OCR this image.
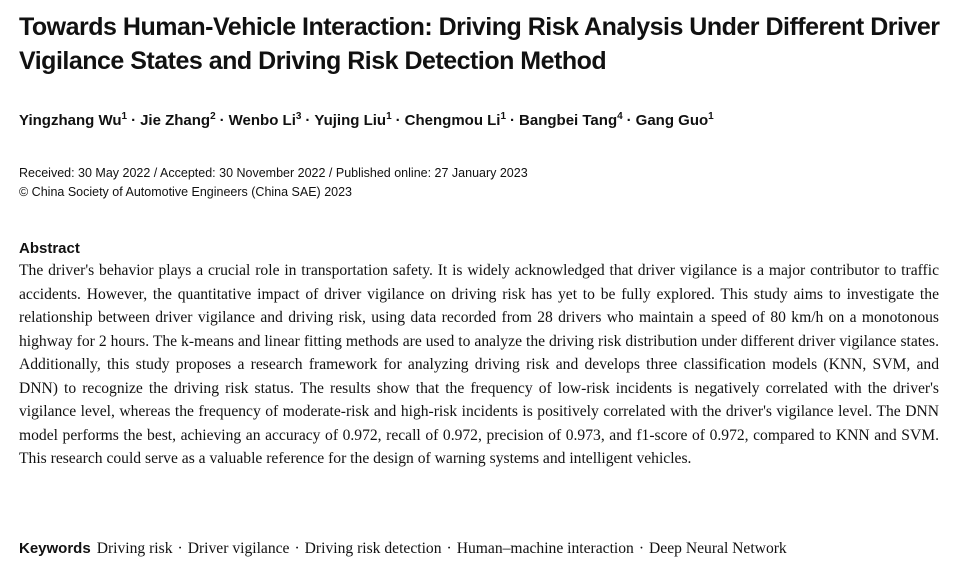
Towards Human-Vehicle Interaction: Driving Risk Analysis Under Different Driver Vigilance States and Driving Risk Detection Method
Yingzhang $Wu^1$ · Jie Zhang$^2$ · Wenbo $Li^3$ · Yujing Liu$^1$ · Chengmou $Li^1$ · Bangbei Tang$^4$ · Gang Guo$^1$
Received: 30 May 2022 / Accepted: 30 November 2022 / Published online: 27 January 2023
© China Society of Automotive Engineers (China SAE) 2023
Abstract

The driver's behavior plays a crucial role in transportation safety. It is widely acknowledged that driver vigilance is a major contributor to traffic accidents. However, the quantitative impact of driver vigilance on driving risk has yet to be fully explored. This study aims to investigate the relationship between driver vigilance and driving risk, using data recorded from 28 drivers who maintain a speed of 80 km/h on a monotonous highway for 2 hours. The k-means and linear fitting methods are used to analyze the driving risk distribution under different driver vigilance states. Additionally, this study proposes a research framework for analyzing driving risk and develops three classification models (KNN, SVM, and DNN) to recognize the driving risk status. The results show that the frequency of low-risk incidents is negatively correlated with the driver's vigilance level, whereas the frequency of moderate-risk and high-risk incidents is positively correlated with the driver's vigilance level. The DNN model performs the best, achieving an accuracy of 0.972, recall of 0.972, precision of 0.973, and f1-score of 0.972, compared to KNN and SVM. This research could serve as a valuable reference for the design of warning systems and intelligent vehicles.

Keywords Driving risk · Driver vigilance · Driving risk detection · Human–machine interaction · Deep Neural Network
